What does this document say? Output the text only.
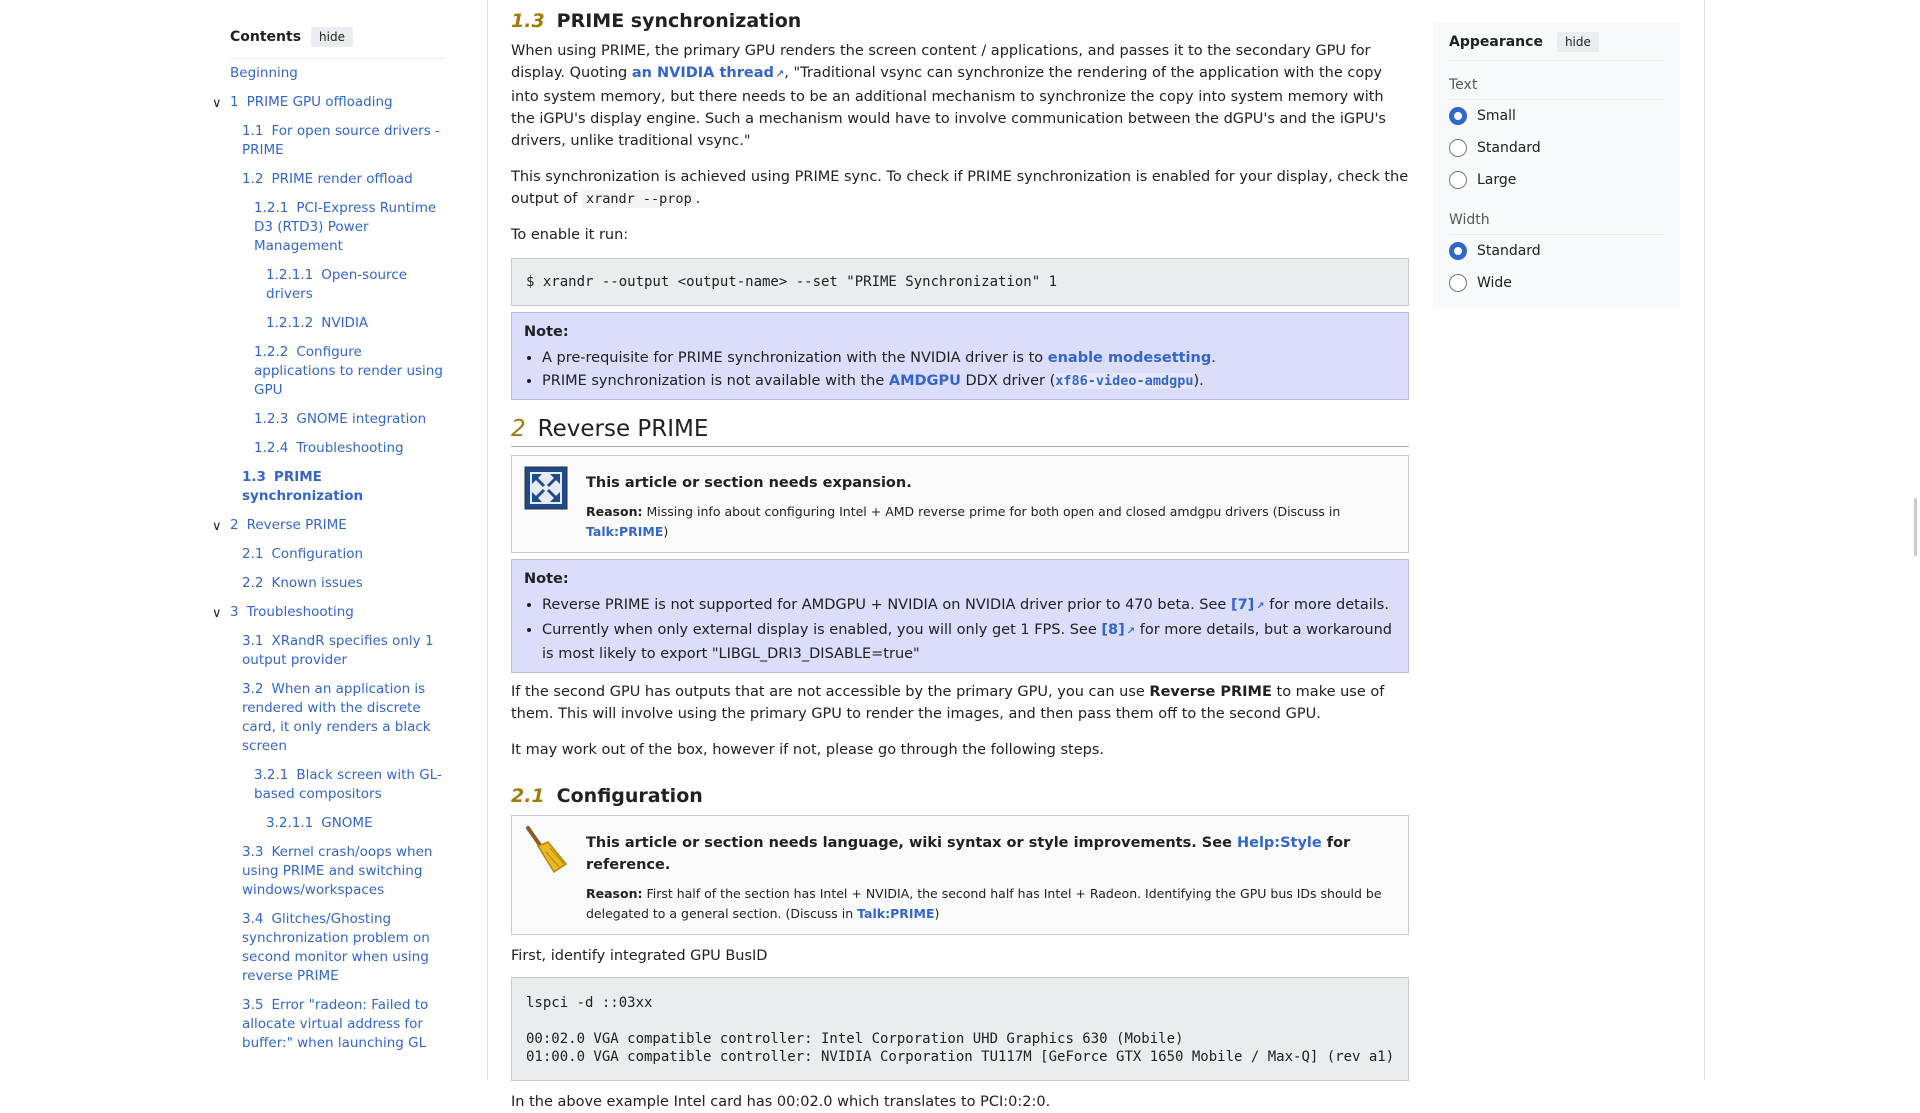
Contents	hide
Beginning
∨ 1 PRIME GPU offloading
1.1 For open source drivers - PRIME
1.2 PRIME render offload
1.2.1 PCI-Express Runtime D3 (RTD3) Power Management
1.2.1.1 Open-source drivers
1.2.1.2 NVIDIA
1.2.2 Configure applications to render using GPU
1.2.3 GNOME integration
1.2.4 Troubleshooting
1.3 PRIME synchronization
∨ 2 Reverse PRIME
2.1 Configuration
2.2 Known issues
∨ 3 Troubleshooting
3.1 XRandR specifies only 1 output provider
3.2 When an application is rendered with the discrete card, it only renders a black screen
3.2.1 Black screen with GL-based compositors
3.2.1.1 GNOME
3.3 Kernel crash/oops when using PRIME and switching windows/workspaces
3.4 Glitches/Ghosting synchronization problem on second monitor when using reverse PRIME
3.5 Error "radeon: Failed to allocate virtual address for buffer:" when launching GL
1.3 PRIME synchronization

When using PRIME, the primary GPU renders the screen content / applications, and passes it to the secondary GPU for display. Quoting an NVIDIA thread ↗ , "Traditional vsync can synchronize the rendering of the application with the copy into system memory, but there needs to be an additional mechanism to synchronize the copy into system memory with the iGPU's display engine. Such a mechanism would have to involve communication between the dGPU's and the iGPU's drivers, unlike traditional vsync."

This synchronization is achieved using PRIME sync. To check if PRIME synchronization is enabled for your display, check the output of xrandr --prop .

To enable it run:

$ xrandr --output <output-name> --set "PRIME Synchronization" 1
Note:
• A pre-requisite for PRIME synchronization with the NVIDIA driver is to enable modesetting.
• PRIME synchronization is not available with the AMDGPU DDX driver (xf86-video-amdgpu).
2 Reverse PRIME
This article or section needs expansion.
Reason: Missing info about configuring Intel + AMD reverse prime for both open and closed amdgpu drivers (Discuss in Talk:PRIME)
Note:
• Reverse PRIME is not supported for AMDGPU + NVIDIA on NVIDIA driver prior to 470 beta. See [7] ↗ for more details.
• Currently when only external display is enabled, you will only get 1 FPS. See [8] ↗ for more details, but a workaround is most likely to export "LIBGL_DRI3_DISABLE=true"

If the second GPU has outputs that are not accessible by the primary GPU, you can use Reverse PRIME to make use of them. This will involve using the primary GPU to render the images, and then pass them off to the second GPU.

It may work out of the box, however if not, please go through the following steps.

2.1 Configuration
This article or section needs language, wiki syntax or style improvements. See Help:Style for reference.
Reason: First half of the section has Intel + NVIDIA, the second half has Intel + Radeon. Identifying the GPU bus IDs should be delegated to a general section. (Discuss in Talk:PRIME)

First, identify integrated GPU BusID

lspci -d ::03xx

00:02.0 VGA compatible controller: Intel Corporation UHD Graphics 630 (Mobile)
01:00.0 VGA compatible controller: NVIDIA Corporation TU117M [GeForce GTX 1650 Mobile / Max-Q] (rev a1)

In the above example Intel card has 00:02.0 which translates to PCI:0:2:0.

Appearance	hide
Text
Small
Standard
Large
Width
Standard
Wide
